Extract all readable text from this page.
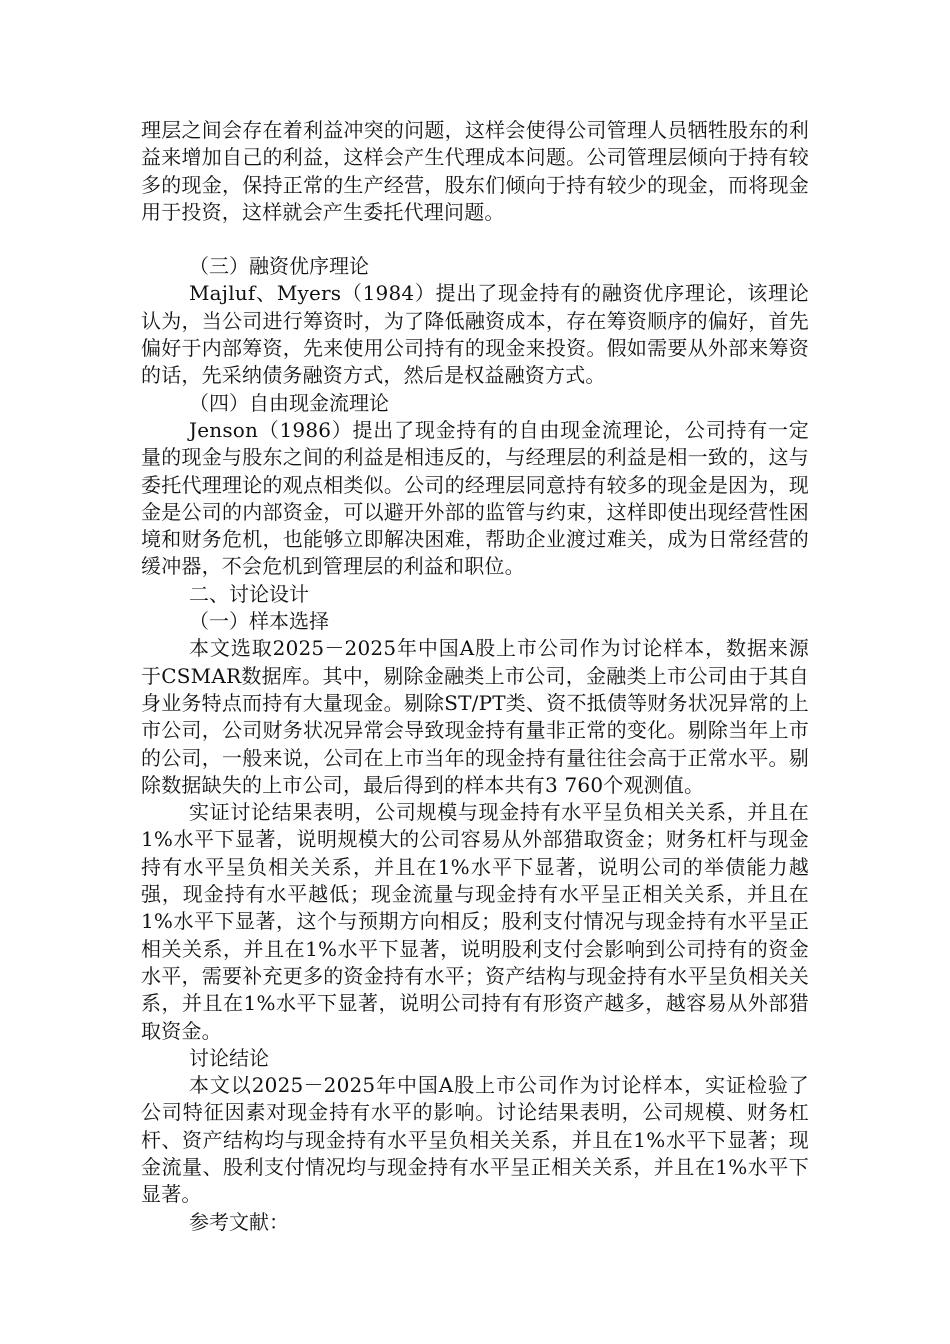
理层之间会存在着利益冲突的问题，这样会使得公司管理人员牺牲股东的利益来增加自己的利益，这样会产生代理成本问题。公司管理层倾向于持有较多的现金，保持正常的生产经营，股东们倾向于持有较少的现金，而将现金用于投资，这样就会产生委托代理问题。

（三）融资优序理论

Majluf、Myers（1984）提出了现金持有的融资优序理论，该理论认为，当公司进行筹资时，为了降低融资成本，存在筹资顺序的偏好，首先偏好于内部筹资，先来使用公司持有的现金来投资。假如需要从外部来筹资的话，先采纳债务融资方式，然后是权益融资方式。

（四）自由现金流理论

Jenson（1986）提出了现金持有的自由现金流理论，公司持有一定量的现金与股东之间的利益是相违反的，与经理层的利益是相一致的，这与委托代理理论的观点相类似。公司的经理层同意持有较多的现金是因为，现金是公司的内部资金，可以避开外部的监管与约束，这样即使出现经营性困境和财务危机，也能够立即解决困难，帮助企业渡过难关，成为日常经营的缓冲器，不会危机到管理层的利益和职位。

二、讨论设计

（一）样本选择

本文选取2025－2025年中国A股上市公司作为讨论样本，数据来源于CSMAR数据库。其中，剔除金融类上市公司，金融类上市公司由于其自身业务特点而持有大量现金。剔除ST/PT类、资不抵债等财务状况异常的上市公司，公司财务状况异常会导致现金持有量非正常的变化。剔除当年上市的公司，一般来说，公司在上市当年的现金持有量往往会高于正常水平。剔除数据缺失的上市公司，最后得到的样本共有3 760个观测值。

实证讨论结果表明，公司规模与现金持有水平呈负相关关系，并且在1%水平下显著，说明规模大的公司容易从外部猎取资金；财务杠杆与现金持有水平呈负相关关系，并且在1%水平下显著，说明公司的举债能力越强，现金持有水平越低；现金流量与现金持有水平呈正相关关系，并且在1%水平下显著，这个与预期方向相反；股利支付情况与现金持有水平呈正相关关系，并且在1%水平下显著，说明股利支付会影响到公司持有的资金水平，需要补充更多的资金持有水平；资产结构与现金持有水平呈负相关关系，并且在1%水平下显著，说明公司持有有形资产越多，越容易从外部猎取资金。

讨论结论

本文以2025－2025年中国A股上市公司作为讨论样本，实证检验了公司特征因素对现金持有水平的影响。讨论结果表明，公司规模、财务杠杆、资产结构均与现金持有水平呈负相关关系，并且在1%水平下显著；现金流量、股利支付情况均与现金持有水平呈正相关关系，并且在1%水平下显著。

参考文献：
